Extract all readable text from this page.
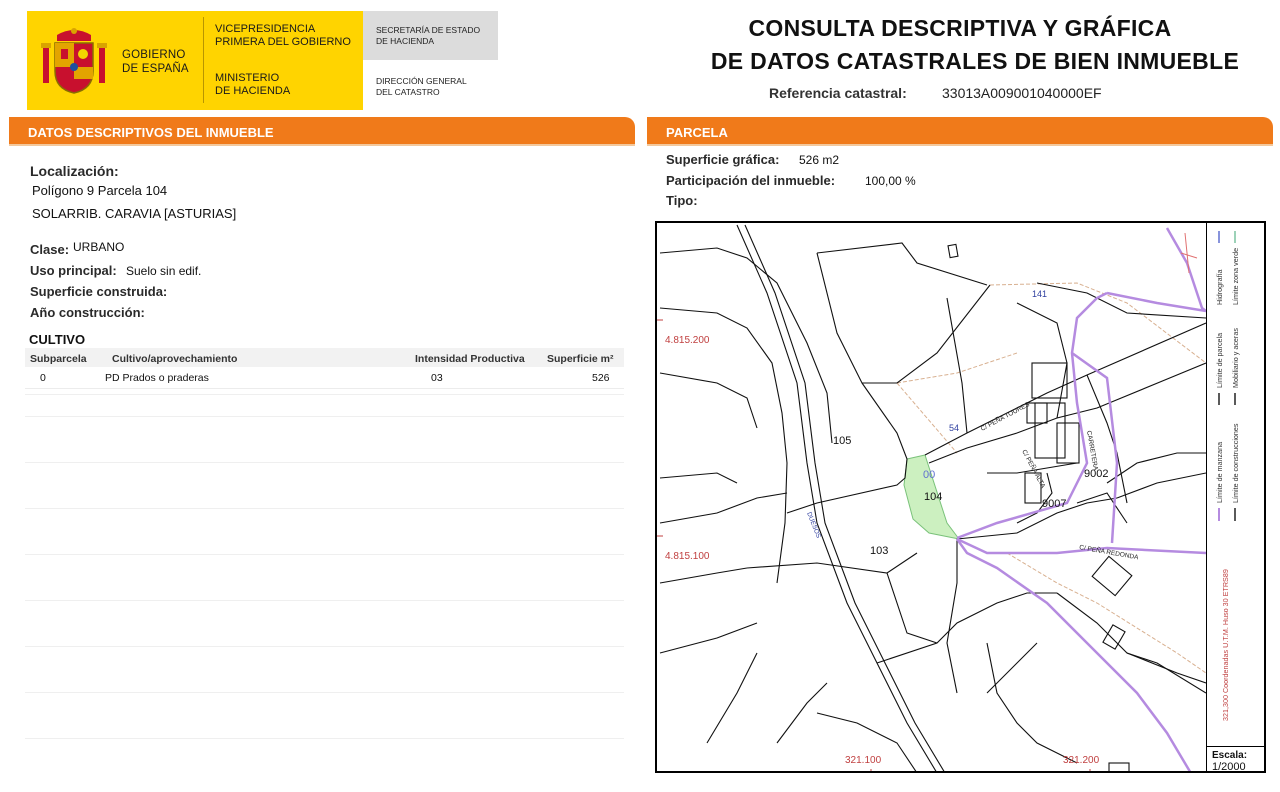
GOBIERNO
DE ESPAÑA
VICEPRESIDENCIA
PRIMERA DEL GOBIERNO
MINISTERIO
DE HACIENDA
SECRETARÍA DE ESTADO
DE HACIENDA
DIRECCIÓN GENERAL
DEL CATASTRO
CONSULTA DESCRIPTIVA Y GRÁFICA
DE DATOS CATASTRALES DE BIEN INMUEBLE
Referencia catastral:	33013A009001040000EF
DATOS DESCRIPTIVOS DEL INMUEBLE	PARCELA
Localización:
Polígono 9 Parcela 104
SOLARRIB. CARAVIA [ASTURIAS]
Clase: URBANO
Uso principal: Suelo sin edif.
Superficie construida:
Año construcción:
CULTIVO
Subparcela Cultivo/aprovechamiento	Intensidad Productiva Superficie m²
0	PD Prados o praderas	03	526
Superficie gráfica: 526 m2
Participación del inmueble: 100,00 %
Tipo:
105
104
103
9002
9007
141
54
00
C/ PEÑA TOURES
C/ PEÑA REDONDA
DUESOS
C/ PEÑA ALTA	CARRETERA
4.815.200
4.815.100
321.100	321.200
Límite de manzana
Límite de parcela
Hidrografía
Límite de construcciones
Mobiliario y aceras
Límite zona verde
321,300 Coordenadas U.T.M. Huso 30 ETRS89
Escala:
1/2000
